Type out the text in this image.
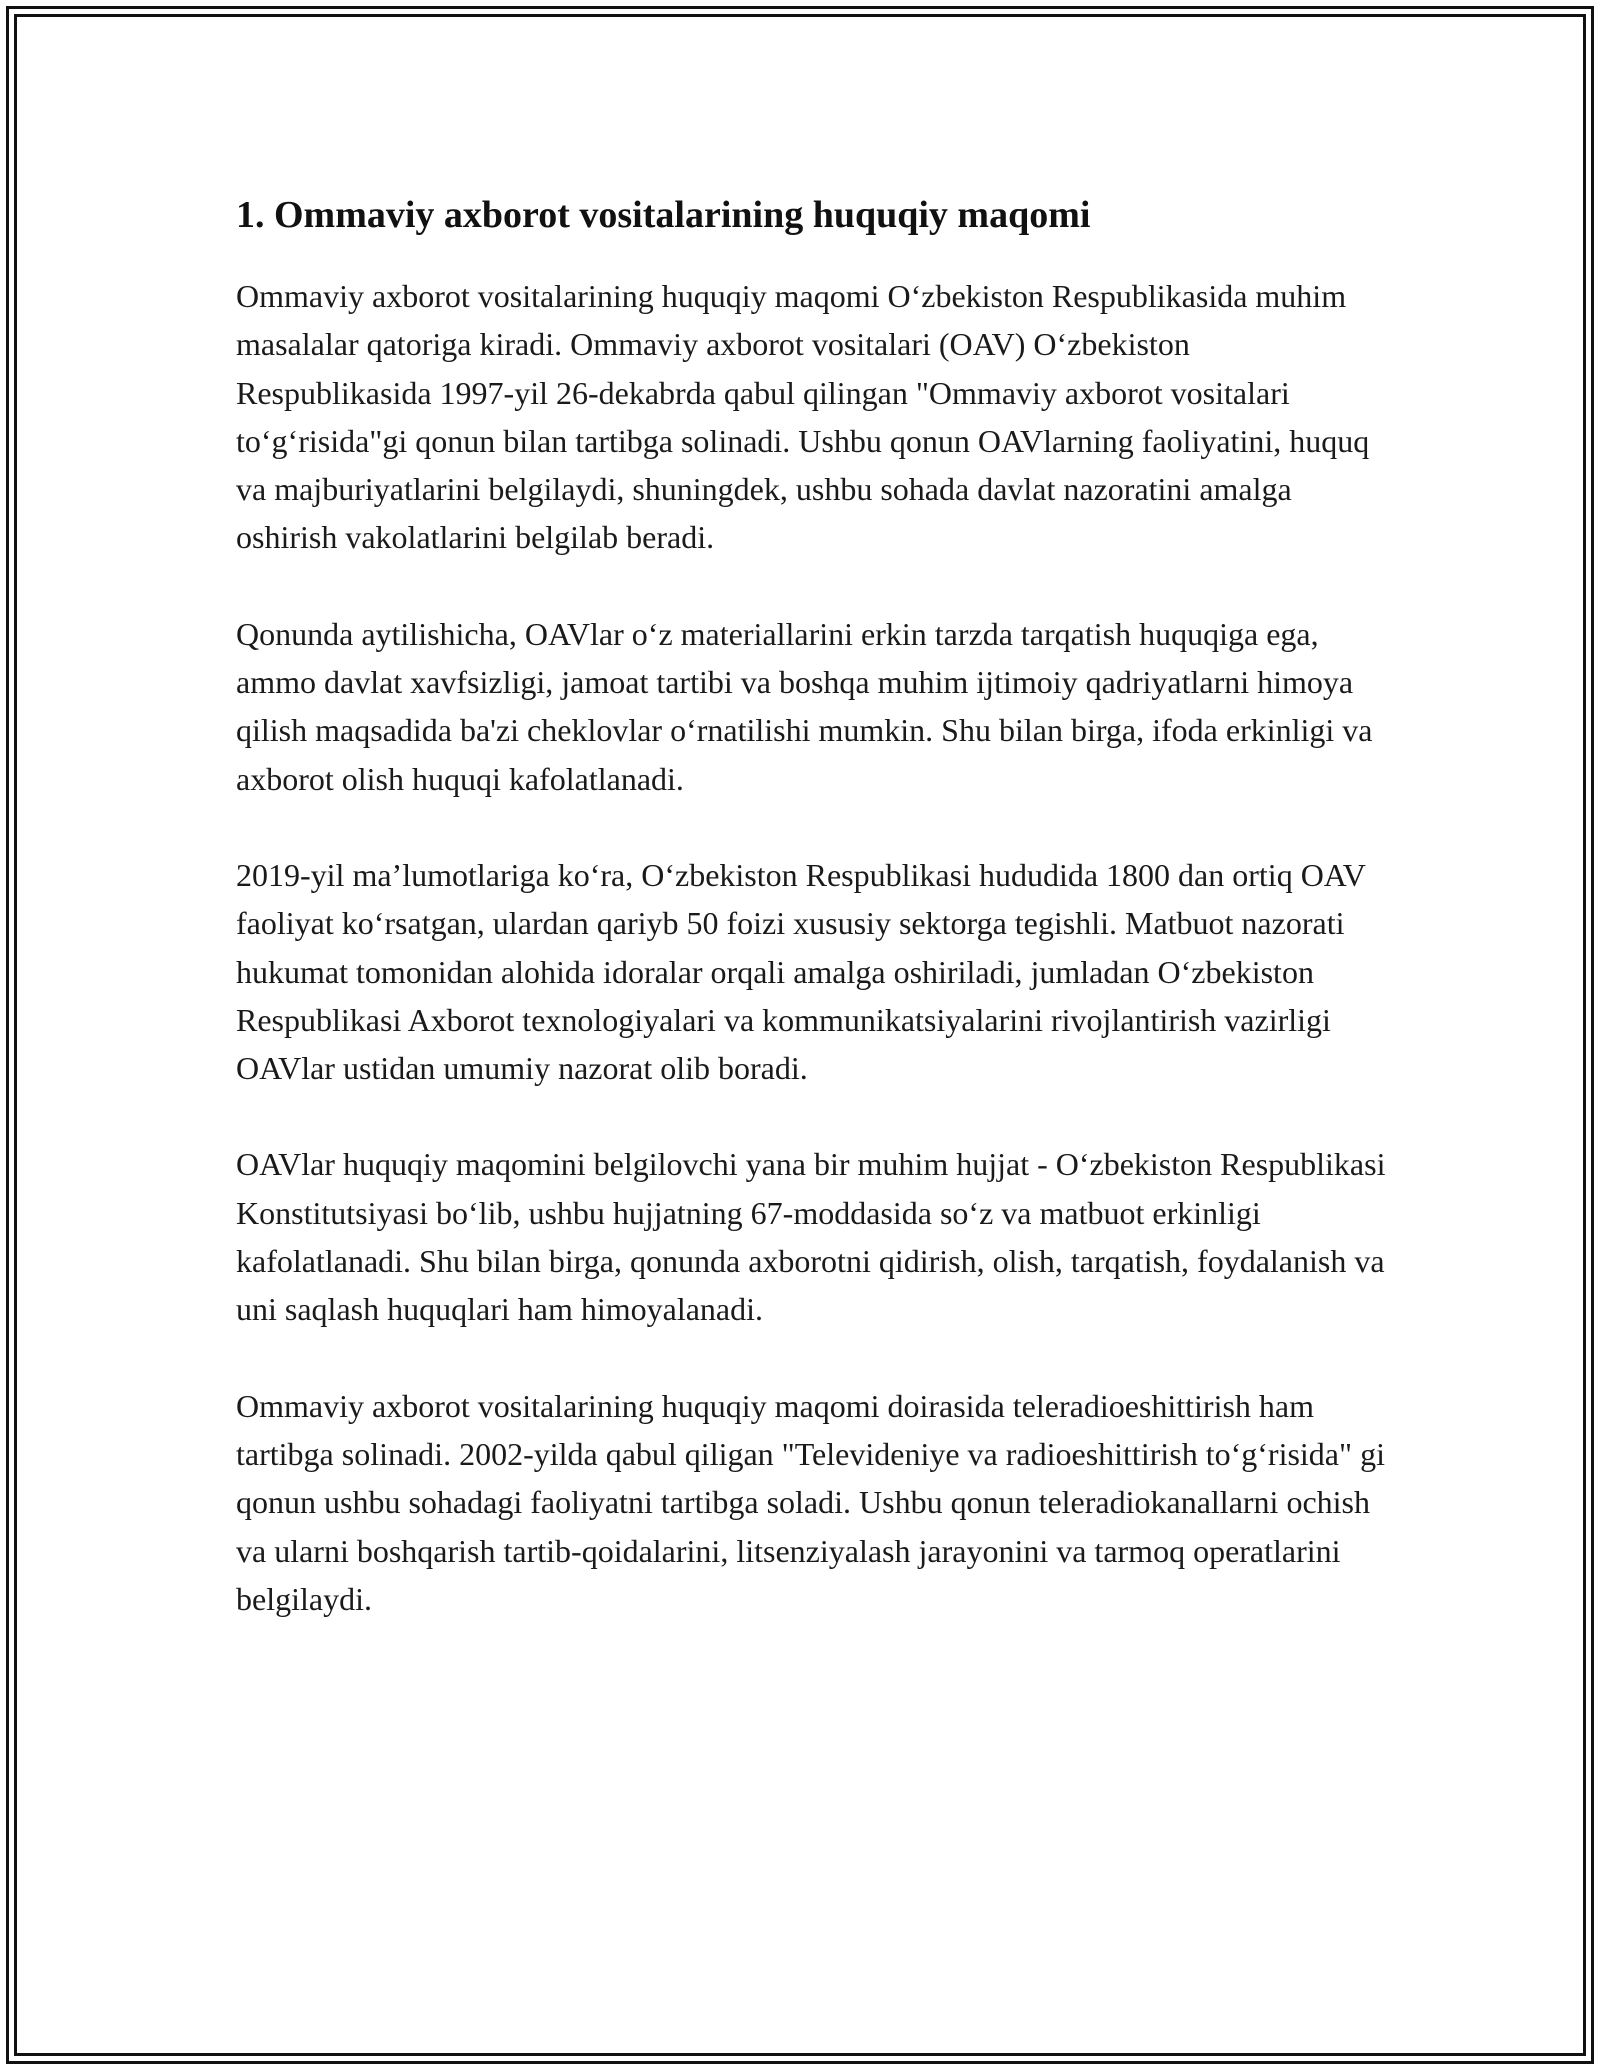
1. Ommaviy axborot vositalarining huquqiy maqomi

Ommaviy axborot vositalarining huquqiy maqomi O‘zbekiston Respublikasida muhim masalalar qatoriga kiradi. Ommaviy axborot vositalari (OAV) O‘zbekiston Respublikasida 1997-yil 26-dekabrda qabul qilingan "Ommaviy axborot vositalari to‘g‘risida"gi qonun bilan tartibga solinadi. Ushbu qonun OAVlarning faoliyatini, huquq va majburiyatlarini belgilaydi, shuningdek, ushbu sohada davlat nazoratini amalga oshirish vakolatlarini belgilab beradi.

Qonunda aytilishicha, OAVlar o‘z materiallarini erkin tarzda tarqatish huquqiga ega, ammo davlat xavfsizligi, jamoat tartibi va boshqa muhim ijtimoiy qadriyatlarni himoya qilish maqsadida ba'zi cheklovlar o‘rnatilishi mumkin. Shu bilan birga, ifoda erkinligi va axborot olish huquqi kafolatlanadi.

2019-yil ma’lumotlariga ko‘ra, O‘zbekiston Respublikasi hududida 1800 dan ortiq OAV faoliyat ko‘rsatgan, ulardan qariyb 50 foizi xususiy sektorga tegishli. Matbuot nazorati hukumat tomonidan alohida idoralar orqali amalga oshiriladi, jumladan O‘zbekiston Respublikasi Axborot texnologiyalari va kommunikatsiyalarini rivojlantirish vazirligi OAVlar ustidan umumiy nazorat olib boradi.

OAVlar huquqiy maqomini belgilovchi yana bir muhim hujjat - O‘zbekiston Respublikasi Konstitutsiyasi bo‘lib, ushbu hujjatning 67-moddasida so‘z va matbuot erkinligi kafolatlanadi. Shu bilan birga, qonunda axborotni qidirish, olish, tarqatish, foydalanish va uni saqlash huquqlari ham himoyalanadi.

Ommaviy axborot vositalarining huquqiy maqomi doirasida teleradioeshittirish ham tartibga solinadi. 2002-yilda qabul qiligan "Televideniye va radioeshittirish to‘g‘risida" gi qonun ushbu sohadagi faoliyatni tartibga soladi. Ushbu qonun teleradiokanallarni ochish va ularni boshqarish tartib-qoidalarini, litsenziyalash jarayonini va tarmoq operatlarini belgilaydi.
